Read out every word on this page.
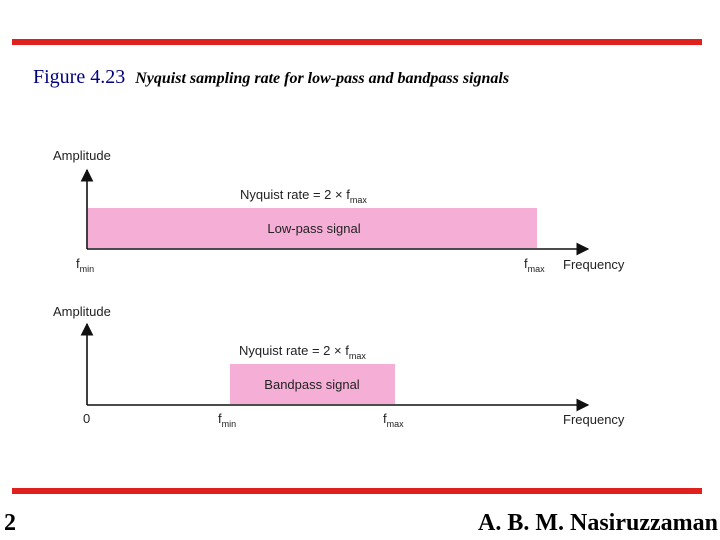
Figure 4.23 Nyquist sampling rate for low-pass and bandpass signals
Amplitude
Low-pass signal
Nyquist rate = $2 \times f_{max}$
$f_{min}$	$f_{max}$ Frequency
Amplitude
Bandpass signal
Nyquist rate = $2 \times f_{max}$
0	$f_{min}$	$f_{max}$	Frequency
2	A. B. M. Nasiruzzaman
